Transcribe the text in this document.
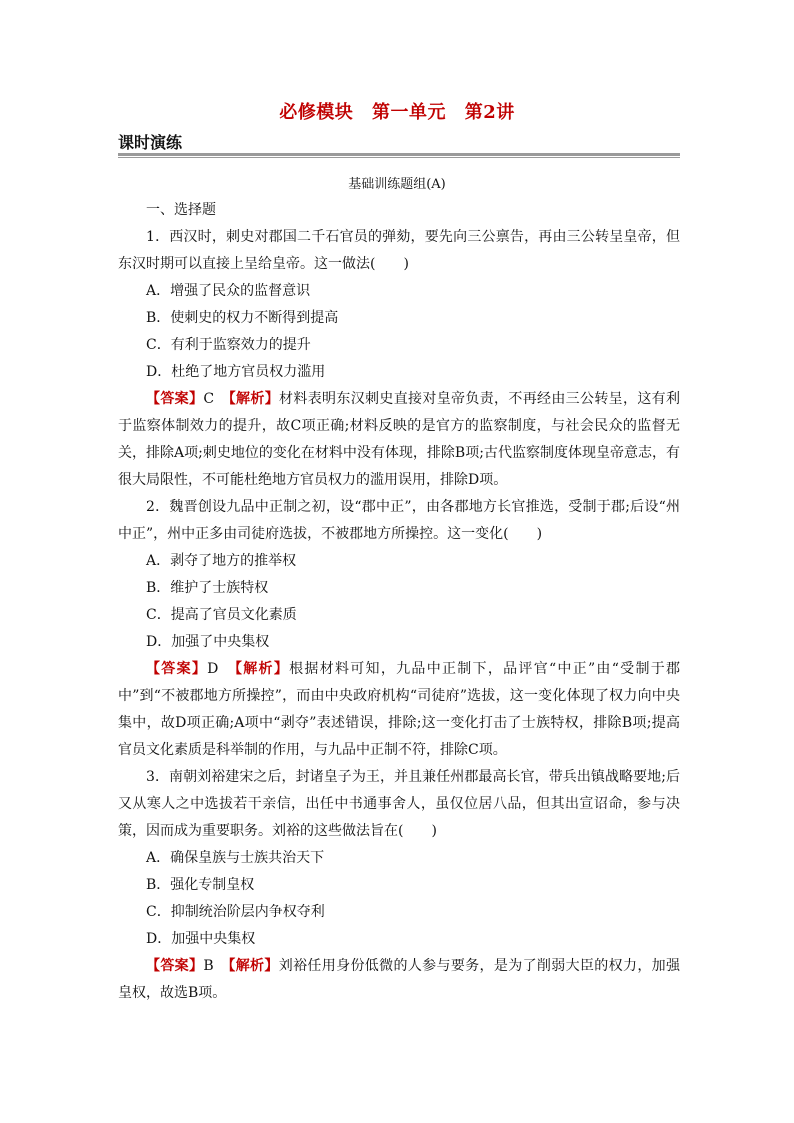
必修模块 第一单元 第2讲
课时演练
基础训练题组(A)

一、选择题

1．西汉时，刺史对郡国二千石官员的弹劾，要先向三公禀告，再由三公转呈皇帝，但东汉时期可以直接上呈给皇帝。这一做法(　　)

A．增强了民众的监督意识

B．使刺史的权力不断得到提高

C．有利于监察效力的提升

D．杜绝了地方官员权力滥用

【答案】C　 【解析】材料表明东汉刺史直接对皇帝负责，不再经由三公转呈，这有利于监察体制效力的提升，故C项正确;材料反映的是官方的监察制度，与社会民众的监督无关，排除A项;刺史地位的变化在材料中没有体现，排除B项;古代监察制度体现皇帝意志，有很大局限性，不可能杜绝地方官员权力的滥用误用，排除D项。

2．魏晋创设九品中正制之初，设“郡中正”，由各郡地方长官推选，受制于郡;后设“州中正”，州中正多由司徒府选拔，不被郡地方所操控。这一变化(　　)

A．剥夺了地方的推举权

B．维护了士族特权

C．提高了官员文化素质

D．加强了中央集权

【答案】D　 【解析】根据材料可知，九品中正制下，品评官“中正”由“受制于郡中”到“不被郡地方所操控”，而由中央政府机构“司徒府”选拔，这一变化体现了权力向中央集中，故D项正确;A项中“剥夺”表述错误，排除;这一变化打击了士族特权，排除B项;提高官员文化素质是科举制的作用，与九品中正制不符，排除C项。

3．南朝刘裕建宋之后，封诸皇子为王，并且兼任州郡最高长官，带兵出镇战略要地;后又从寒人之中选拔若干亲信，出任中书通事舍人，虽仅位居八品，但其出宣诏命，参与决策，因而成为重要职务。刘裕的这些做法旨在(　　)

A．确保皇族与士族共治天下

B．强化专制皇权

C．抑制统治阶层内争权夺利

D．加强中央集权

【答案】B　 【解析】刘裕任用身份低微的人参与要务，是为了削弱大臣的权力，加强皇权，故选B项。
